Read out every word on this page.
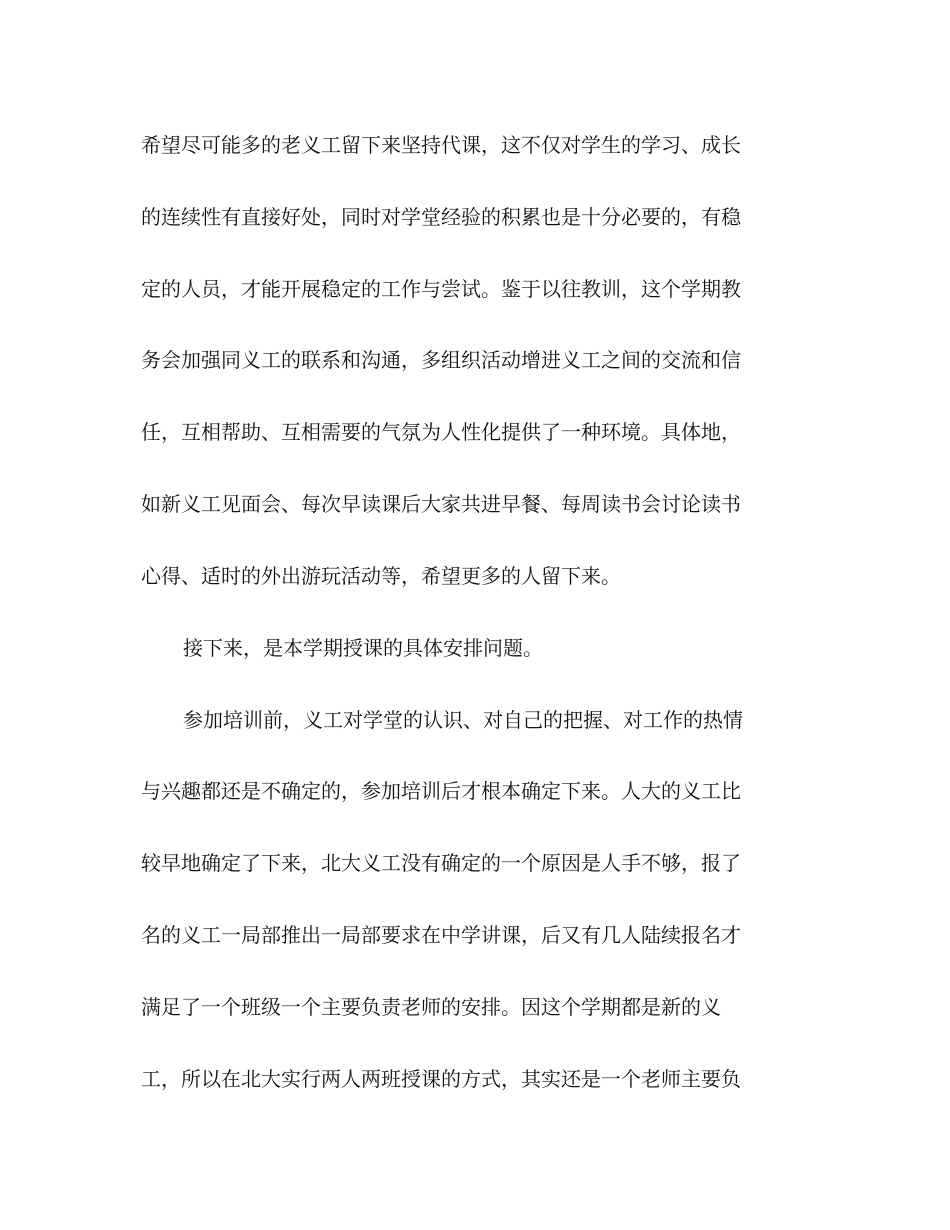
希望尽可能多的老义工留下来坚持代课，这不仅对学生的学习、成长

的连续性有直接好处，同时对学堂经验的积累也是十分必要的，有稳

定的人员，才能开展稳定的工作与尝试。鉴于以往教训，这个学期教

务会加强同义工的联系和沟通，多组织活动增进义工之间的交流和信

任，互相帮助、互相需要的气氛为人性化提供了一种环境。具体地，

如新义工见面会、每次早读课后大家共进早餐、每周读书会讨论读书

心得、适时的外出游玩活动等，希望更多的人留下来。

接下来，是本学期授课的具体安排问题。

参加培训前，义工对学堂的认识、对自己的把握、对工作的热情

与兴趣都还是不确定的，参加培训后才根本确定下来。人大的义工比

较早地确定了下来，北大义工没有确定的一个原因是人手不够，报了

名的义工一局部推出一局部要求在中学讲课，后又有几人陆续报名才

满足了一个班级一个主要负责老师的安排。因这个学期都是新的义

工，所以在北大实行两人两班授课的方式，其实还是一个老师主要负
